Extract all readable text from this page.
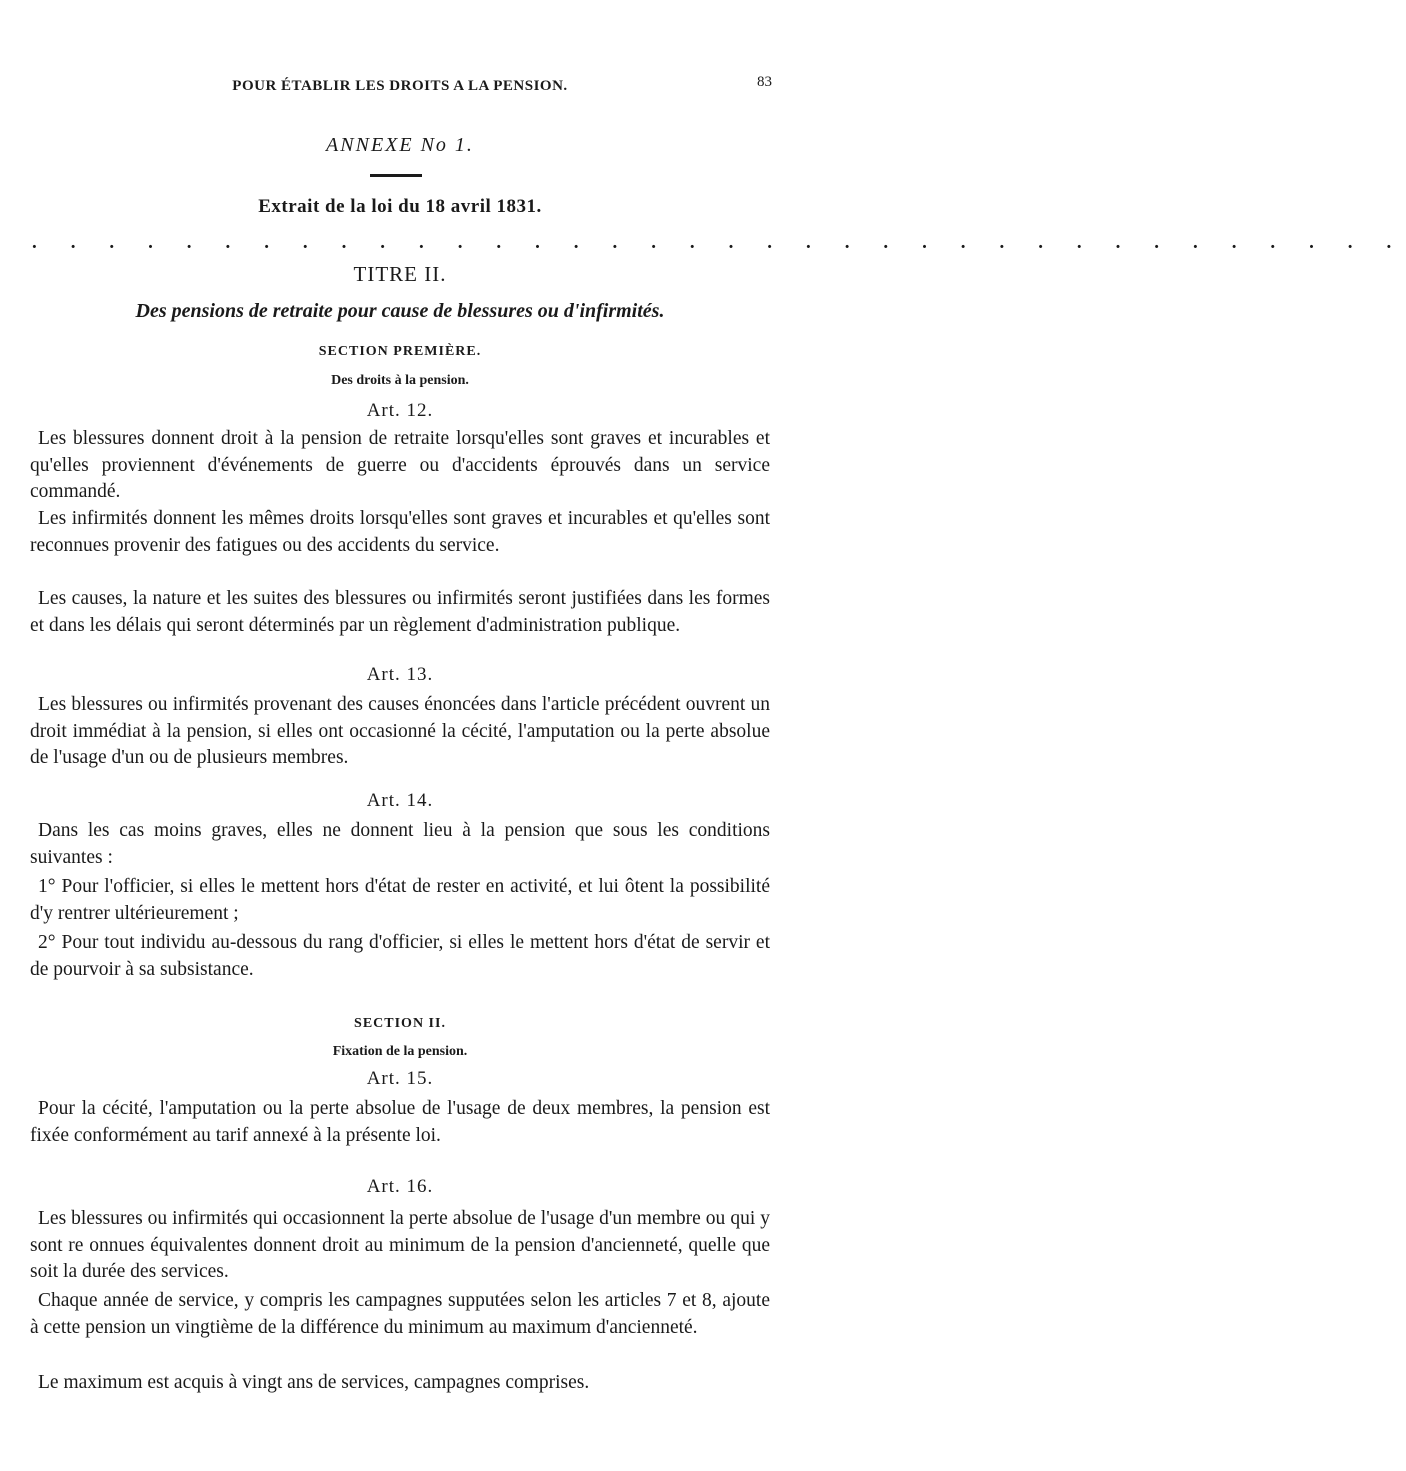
POUR ÉTABLIR LES DROITS A LA PENSION.	83
ANNEXE No 1.
Extrait de la loi du 18 avril 1831.
. . . . . . . . . . . . . . . . . . . . . . . . . . . . . . . . . . . .
TITRE II.
Des pensions de retraite pour cause de blessures ou d'infirmités.
SECTION PREMIÈRE.
Des droits à la pension.
Art. 12.
Les blessures donnent droit à la pension de retraite lorsqu'elles sont graves et incurables et qu'elles proviennent d'événements de guerre ou d'accidents éprouvés dans un service commandé.
Les infirmités donnent les mêmes droits lorsqu'elles sont graves et incurables et qu'elles sont reconnues provenir des fatigues ou des accidents du service.
Les causes, la nature et les suites des blessures ou infirmités seront justifiées dans les formes et dans les délais qui seront déterminés par un règlement d'administration publique.
Art. 13.
Les blessures ou infirmités provenant des causes énoncées dans l'article précédent ouvrent un droit immédiat à la pension, si elles ont occasionné la cécité, l'amputation ou la perte absolue de l'usage d'un ou de plusieurs membres.
Art. 14.
Dans les cas moins graves, elles ne donnent lieu à la pension que sous les conditions suivantes :
1° Pour l'officier, si elles le mettent hors d'état de rester en activité, et lui ôtent la possibilité d'y rentrer ultérieurement ;
2° Pour tout individu au-dessous du rang d'officier, si elles le mettent hors d'état de servir et de pourvoir à sa subsistance.
SECTION II.
Fixation de la pension.
Art. 15.
Pour la cécité, l'amputation ou la perte absolue de l'usage de deux membres, la pension est fixée conformément au tarif annexé à la présente loi.
Art. 16.
Les blessures ou infirmités qui occasionnent la perte absolue de l'usage d'un membre ou qui y sont re onnues équivalentes donnent droit au minimum de la pension d'ancienneté, quelle que soit la durée des services.
Chaque année de service, y compris les campagnes supputées selon les articles 7 et 8, ajoute à cette pension un vingtième de la différence du minimum au maximum d'ancienneté.
Le maximum est acquis à vingt ans de services, campagnes comprises.
